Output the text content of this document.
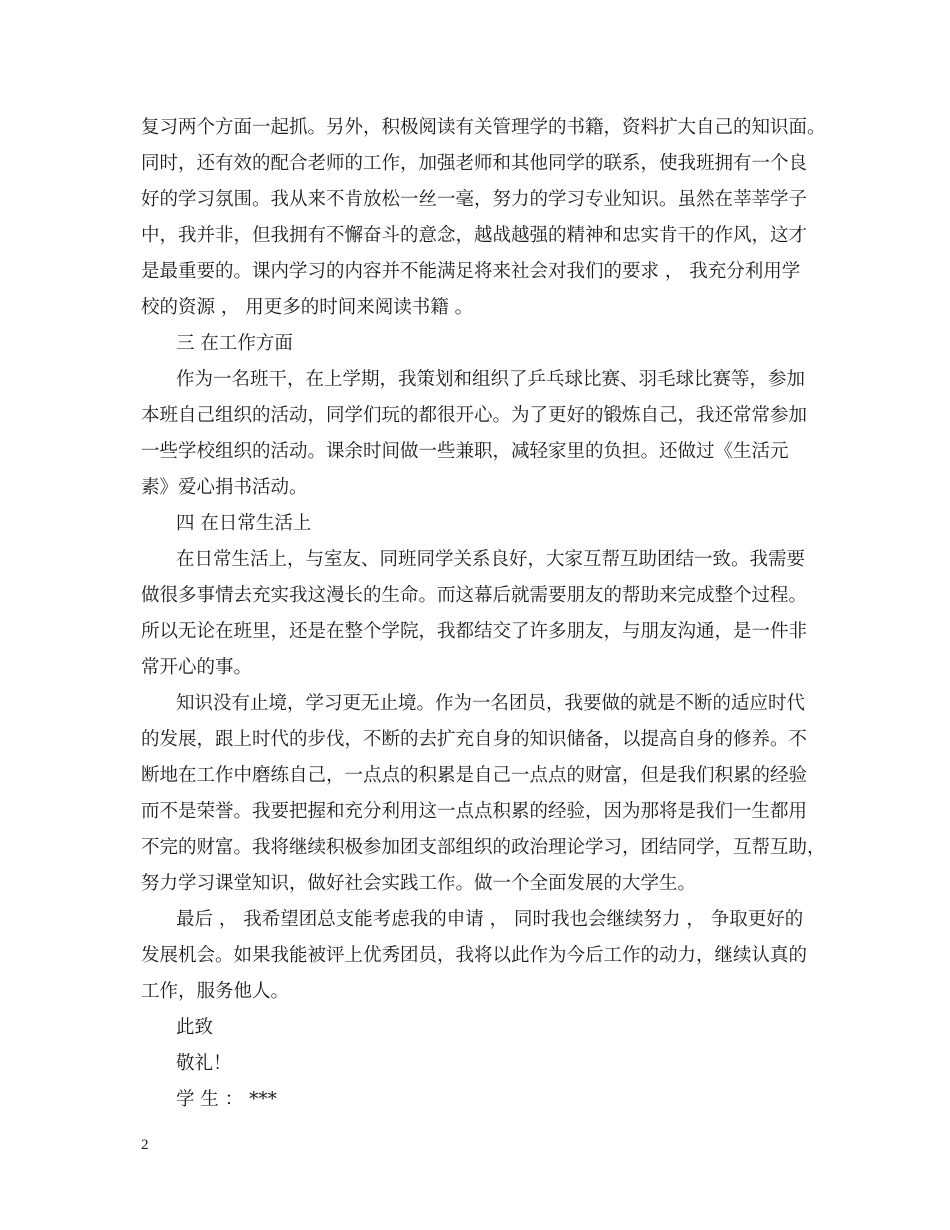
复习两个方面一起抓。另外，积极阅读有关管理学的书籍，资料扩大自己的知识面。
同时，还有效的配合老师的工作，加强老师和其他同学的联系，使我班拥有一个良
好的学习氛围。我从来不肯放松一丝一毫，努力的学习专业知识。虽然在莘莘学子
中，我并非，但我拥有不懈奋斗的意念，越战越强的精神和忠实肯干的作风，这才
是最重要的。课内学习的内容并不能满足将来社会对我们的要求 ， 我充分利用学
校的资源 ， 用更多的时间来阅读书籍 。
三 在工作方面
作为一名班干，在上学期，我策划和组织了乒乓球比赛、羽毛球比赛等，参加
本班自己组织的活动，同学们玩的都很开心。为了更好的锻炼自己，我还常常参加
一些学校组织的活动。课余时间做一些兼职，减轻家里的负担。还做过《生活元
素》爱心捐书活动。
四 在日常生活上
在日常生活上，与室友、同班同学关系良好，大家互帮互助团结一致。我需要
做很多事情去充实我这漫长的生命。而这幕后就需要朋友的帮助来完成整个过程。
所以无论在班里，还是在整个学院，我都结交了许多朋友，与朋友沟通，是一件非
常开心的事。
知识没有止境，学习更无止境。作为一名团员，我要做的就是不断的适应时代
的发展，跟上时代的步伐，不断的去扩充自身的知识储备，以提高自身的修养。不
断地在工作中磨练自己，一点点的积累是自己一点点的财富，但是我们积累的经验
而不是荣誉。我要把握和充分利用这一点点积累的经验，因为那将是我们一生都用
不完的财富。我将继续积极参加团支部组织的政治理论学习，团结同学，互帮互助，
努力学习课堂知识，做好社会实践工作。做一个全面发展的大学生。
最后 ， 我希望团总支能考虑我的申请 ， 同时我也会继续努力 ， 争取更好的
发展机会。如果我能被评上优秀团员，我将以此作为今后工作的动力，继续认真的
工作，服务他人。
此致
敬礼！
学 生 ： ***
2
